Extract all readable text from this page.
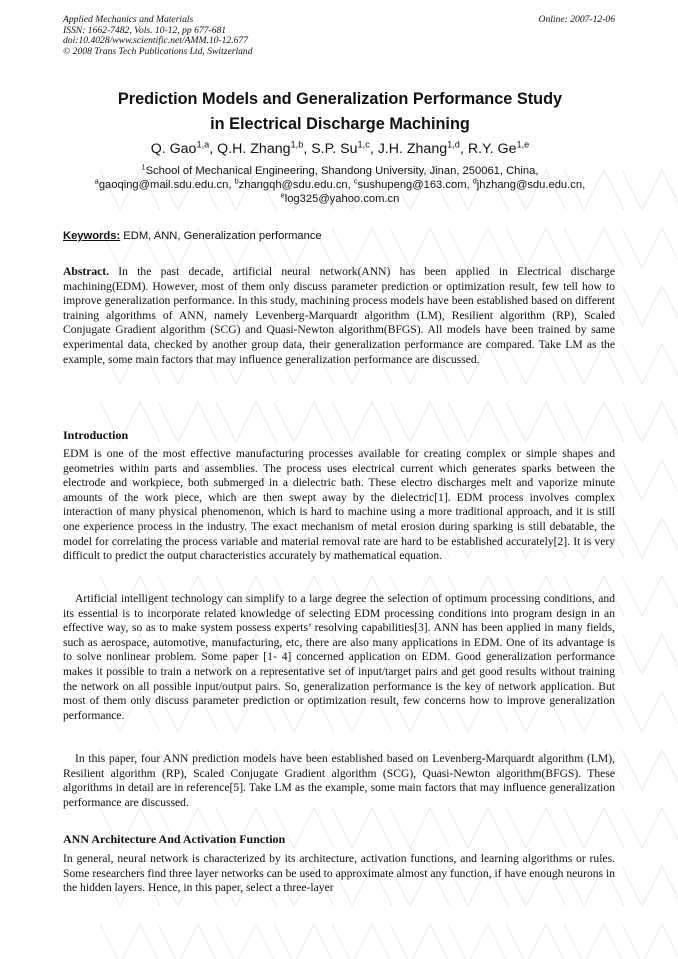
Applied Mechanics and Materials
ISSN: 1662-7482, Vols. 10-12, pp 677-681
doi:10.4028/www.scientific.net/AMM.10-12.677
© 2008 Trans Tech Publications Ltd, Switzerland
Online: 2007-12-06
Prediction Models and Generalization Performance Study
in Electrical Discharge Machining
Q. Gao$^{1,a}$, Q.H. Zhang$^{1,b}$, S.P. Su$^{1,c}$, J.H. Zhang$^{1,d}$, R.Y. Ge$^{1,e}$
$^1$School of Mechanical Engineering, Shandong University, Jinan, 250061, China,
$^a$gaoqing@mail.sdu.edu.cn, $^b$zhangqh@sdu.edu.cn, $^c$sushupeng@163.com, $^d$jhzhang@sdu.edu.cn,
$^e$log325@yahoo.com.cn
Keywords: EDM, ANN, Generalization performance

Abstract. In the past decade, artificial neural network(ANN) has been applied in Electrical discharge machining(EDM). However, most of them only discuss parameter prediction or optimization result, few tell how to improve generalization performance. In this study, machining process models have been established based on different training algorithms of ANN, namely Levenberg-Marquardt algorithm (LM), Resilient algorithm (RP), Scaled Conjugate Gradient algorithm (SCG) and Quasi-Newton algorithm(BFGS). All models have been trained by same experimental data, checked by another group data, their generalization performance are compared. Take LM as the example, some main factors that may influence generalization performance are discussed.

Introduction

EDM is one of the most effective manufacturing processes available for creating complex or simple shapes and geometries within parts and assemblies. The process uses electrical current which generates sparks between the electrode and workpiece, both submerged in a dielectric bath. These electro discharges melt and vaporize minute amounts of the work piece, which are then swept away by the dielectric[1]. EDM process involves complex interaction of many physical phenomenon, which is hard to machine using a more traditional approach, and it is still one experience process in the industry. The exact mechanism of metal erosion during sparking is still debatable, the model for correlating the process variable and material removal rate are hard to be established accurately[2]. It is very difficult to predict the output characteristics accurately by mathematical equation.

Artificial intelligent technology can simplify to a large degree the selection of optimum processing conditions, and its essential is to incorporate related knowledge of selecting EDM processing conditions into program design in an effective way, so as to make system possess experts’ resolving capabilities[3]. ANN has been applied in many fields, such as aerospace, automotive, manufacturing, etc, there are also many applications in EDM. One of its advantage is to solve nonlinear problem. Some paper [1- 4] concerned application on EDM. Good generalization performance makes it possible to train a network on a representative set of input/target pairs and get good results without training the network on all possible input/output pairs. So, generalization performance is the key of network application. But most of them only discuss parameter prediction or optimization result, few concerns how to improve generalization performance.

In this paper, four ANN prediction models have been established based on Levenberg-Marquardt algorithm (LM), Resilient algorithm (RP), Scaled Conjugate Gradient algorithm (SCG), Quasi-Newton algorithm(BFGS). These algorithms in detail are in reference[5]. Take LM as the example, some main factors that may influence generalization performance are discussed.

ANN Architecture And Activation Function

In general, neural network is characterized by its architecture, activation functions, and learning algorithms or rules. Some researchers find three layer networks can be used to approximate almost any function, if have enough neurons in the hidden layers. Hence, in this paper, select a three-layer
